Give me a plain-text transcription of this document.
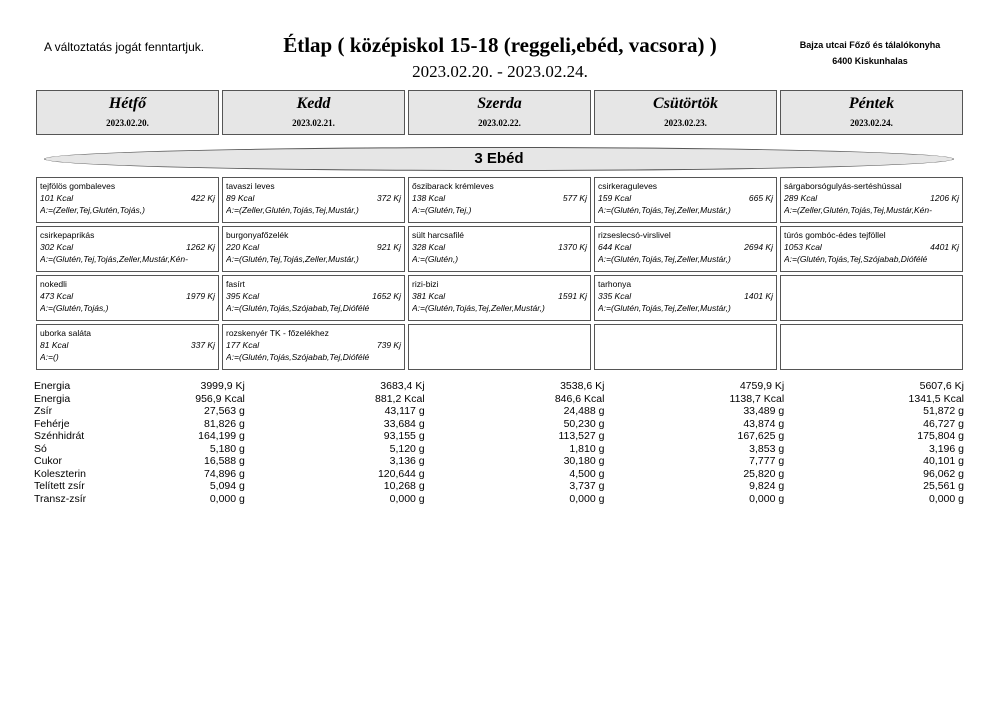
A változtatás jogát fenntartjuk.	Étlap ( középiskol 15-18 (reggeli,ebéd, vacsora) )
2023.02.20. - 2023.02.24.
Bajza utcai Főző és tálalókonyha
6400 Kiskunhalas
Hétfő
2023.02.20.
Kedd
2023.02.21.
Szerda
2023.02.22.
Csütörtök
2023.02.23.
Péntek
2023.02.24.
3 Ebéd
tejfölös gombaleves
101 Kcal	422 Kj
A:=(Zeller,Tej,Glutén,Tojás,)
csirkepaprikás
302 Kcal	1262 Kj
A:=(Glutén,Tej,Tojás,Zeller,Mustár,Kén-
nokedli
473 Kcal	1979 Kj
A:=(Glutén,Tojás,)
uborka saláta
81 Kcal	337 Kj
A:=()
tavaszi leves
89 Kcal	372 Kj
A:=(Zeller,Glutén,Tojás,Tej,Mustár,)
burgonyafőzelék
220 Kcal	921 Kj
A:=(Glutén,Tej,Tojás,Zeller,Mustár,)
fasírt
395 Kcal	1652 Kj
A:=(Glutén,Tojás,Szójabab,Tej,Diófélé
rozskenyér TK - főzelékhez
177 Kcal	739 Kj
A:=(Glutén,Tojás,Szójabab,Tej,Diófélé
őszibarack krémleves
138 Kcal	577 Kj
A:=(Glutén,Tej,)
sült harcsafilé
328 Kcal	1370 Kj
A:=(Glutén,)
rizi-bizi
381 Kcal	1591 Kj
A:=(Glutén,Tojás,Tej,Zeller,Mustár,)
csirkeraguleves
159 Kcal	665 Kj
A:=(Glutén,Tojás,Tej,Zeller,Mustár,)
rizseslecsó-virslivel
644 Kcal	2694 Kj
A:=(Glutén,Tojás,Tej,Zeller,Mustár,)
tarhonya
335 Kcal	1401 Kj
A:=(Glutén,Tojás,Tej,Zeller,Mustár,)
sárgaborsógulyás-sertéshússal
289 Kcal	1206 Kj
A:=(Zeller,Glutén,Tojás,Tej,Mustár,Kén-
túrós gombóc-édes tejföllel
1053 Kcal	4401 Kj
A:=(Glutén,Tojás,Tej,Szójabab,Diófélé
Energia	3999,9 Kj	3683,4 Kj	3538,6 Kj	4759,9 Kj	5607,6 Kj
Energia	956,9 Kcal	881,2 Kcal	846,6 Kcal	1138,7 Kcal	1341,5 Kcal
Zsír	27,563 g	43,117 g	24,488 g	33,489 g	51,872 g
Fehérje	81,826 g	33,684 g	50,230 g	43,874 g	46,727 g
Szénhidrát	164,199 g	93,155 g	113,527 g	167,625 g	175,804 g
Só	5,180 g	5,120 g	1,810 g	3,853 g	3,196 g
Cukor	16,588 g	3,136 g	30,180 g	7,777 g	40,101 g
Koleszterin	74,896 g	120,644 g	4,500 g	25,820 g	96,062 g
Telített zsír	5,094 g	10,268 g	3,737 g	9,824 g	25,561 g
Transz-zsír	0,000 g	0,000 g	0,000 g	0,000 g	0,000 g
